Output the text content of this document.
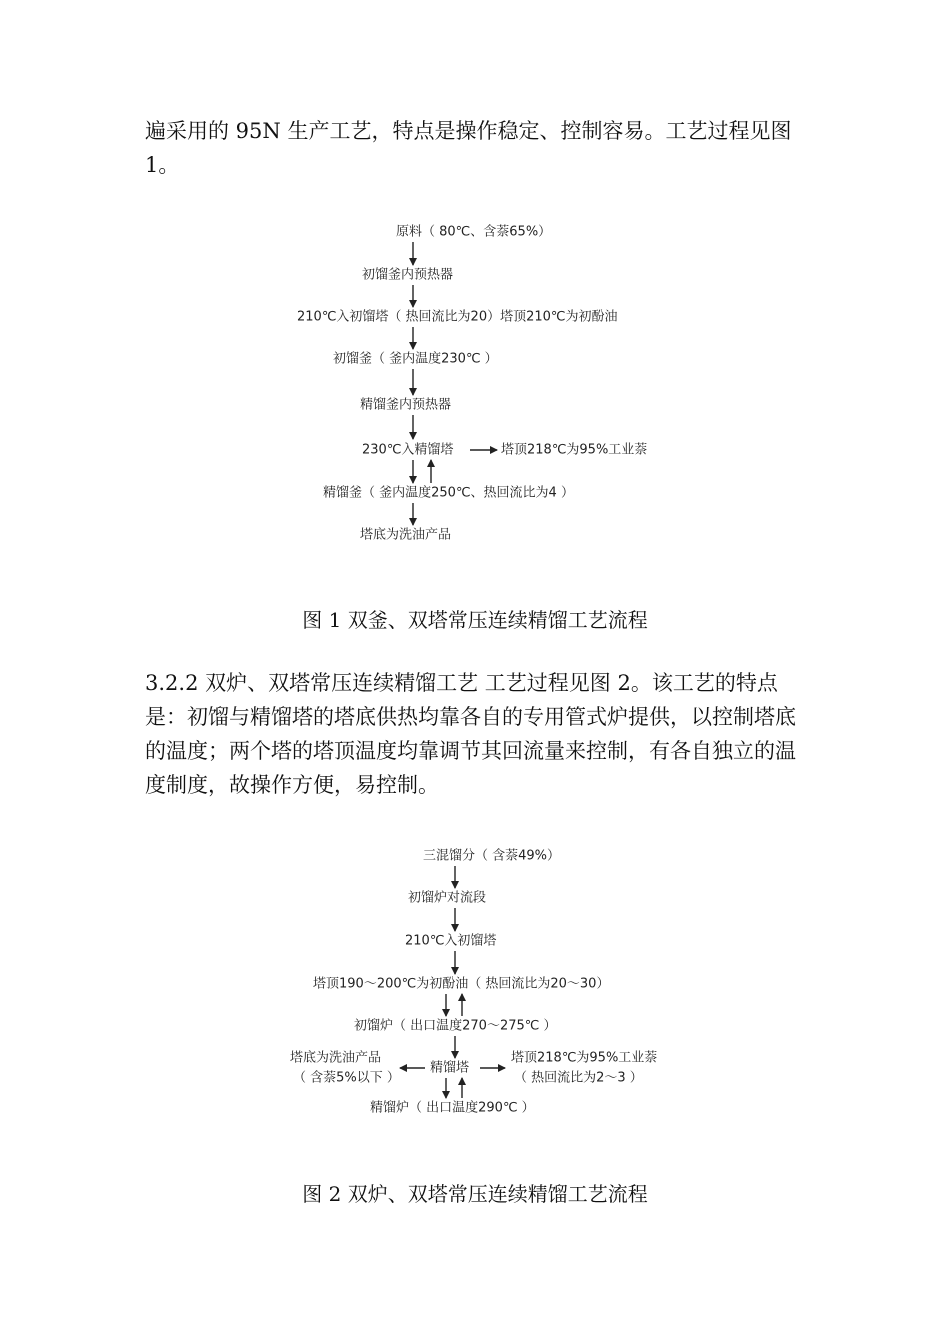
遍采用的 95N 生产工艺，特点是操作稳定、控制容易。工艺过程见图 1。

原料（ 80℃、含萘65%）
初馏釜内预热器
210℃入初馏塔（ 热回流比为20）塔顶210℃为初酚油
初馏釜（ 釜内温度230℃ ）
精馏釜内预热器
230℃入精馏塔	塔顶218℃为95%工业萘
精馏釜（ 釜内温度250℃、热回流比为4 ）
塔底为洗油产品

图 1 双釜、双塔常压连续精馏工艺流程

3.2.2 双炉、双塔常压连续精馏工艺 工艺过程见图 2。该工艺的特点是：初馏与精馏塔的塔底供热均靠各自的专用管式炉提供，以控制塔底的温度；两个塔的塔顶温度均靠调节其回流量来控制，有各自独立的温度制度，故操作方便，易控制。

三混馏分（ 含萘49%）
初馏炉对流段
210℃入初馏塔
塔顶190～200℃为初酚油（ 热回流比为20～30）
初馏炉（ 出口温度270～275℃ ）
精馏塔
塔底为洗油产品
（ 含萘5%以下 ）
塔顶218℃为95%工业萘
（ 热回流比为2～3 ）
精馏炉（ 出口温度290℃ ）

图 2 双炉、双塔常压连续精馏工艺流程
